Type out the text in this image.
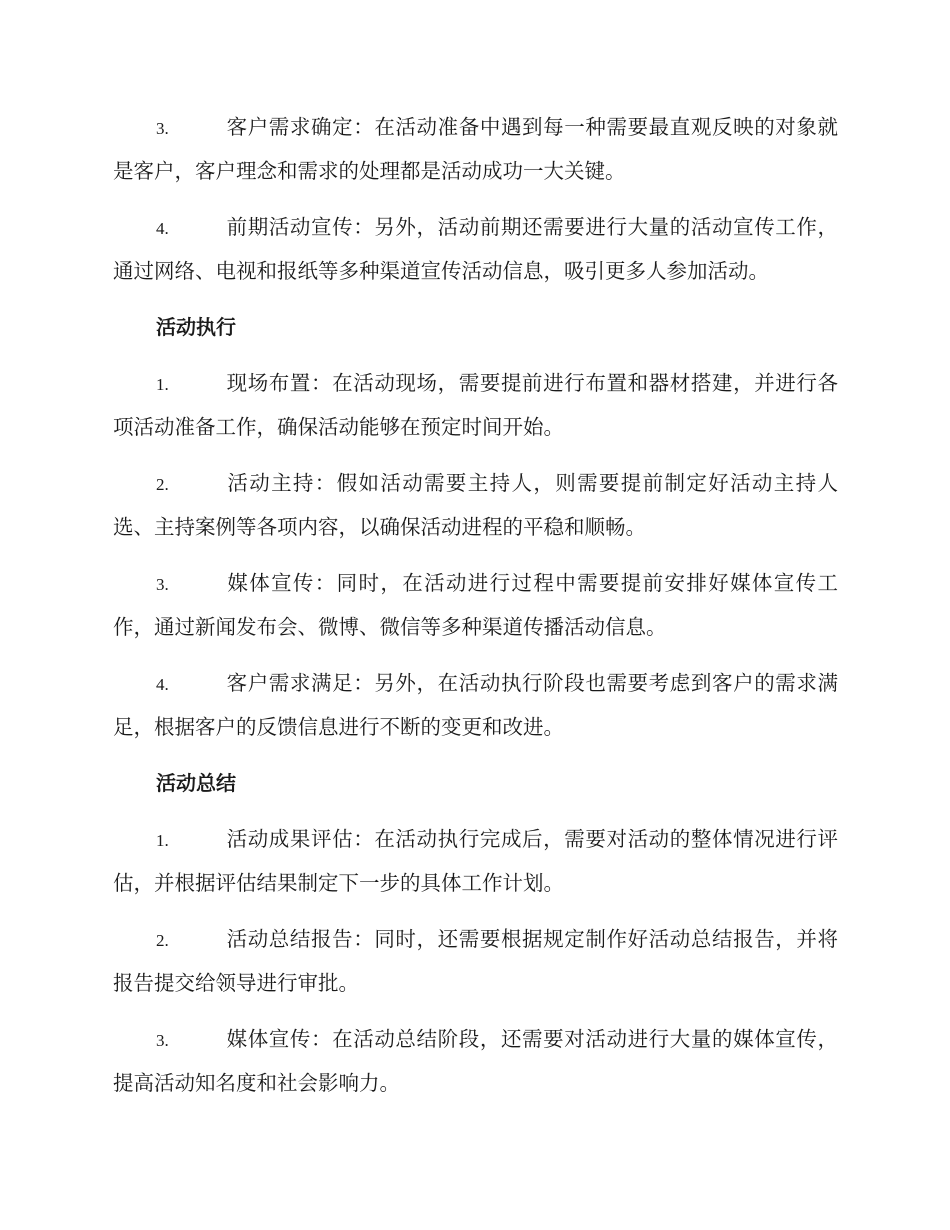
3.	客户需求确定：在活动准备中遇到每一种需要最直观反映的对象就是客户，客户理念和需求的处理都是活动成功一大关键。

4.	前期活动宣传：另外，活动前期还需要进行大量的活动宣传工作，通过网络、电视和报纸等多种渠道宣传活动信息，吸引更多人参加活动。

活动执行

1.	现场布置：在活动现场，需要提前进行布置和器材搭建，并进行各项活动准备工作，确保活动能够在预定时间开始。

2.	活动主持：假如活动需要主持人，则需要提前制定好活动主持人选、主持案例等各项内容，以确保活动进程的平稳和顺畅。

3.	媒体宣传：同时，在活动进行过程中需要提前安排好媒体宣传工作，通过新闻发布会、微博、微信等多种渠道传播活动信息。

4.	客户需求满足：另外，在活动执行阶段也需要考虑到客户的需求满足，根据客户的反馈信息进行不断的变更和改进。

活动总结

1.	活动成果评估：在活动执行完成后，需要对活动的整体情况进行评估，并根据评估结果制定下一步的具体工作计划。

2.	活动总结报告：同时，还需要根据规定制作好活动总结报告，并将报告提交给领导进行审批。

3.	媒体宣传：在活动总结阶段，还需要对活动进行大量的媒体宣传，提高活动知名度和社会影响力。
